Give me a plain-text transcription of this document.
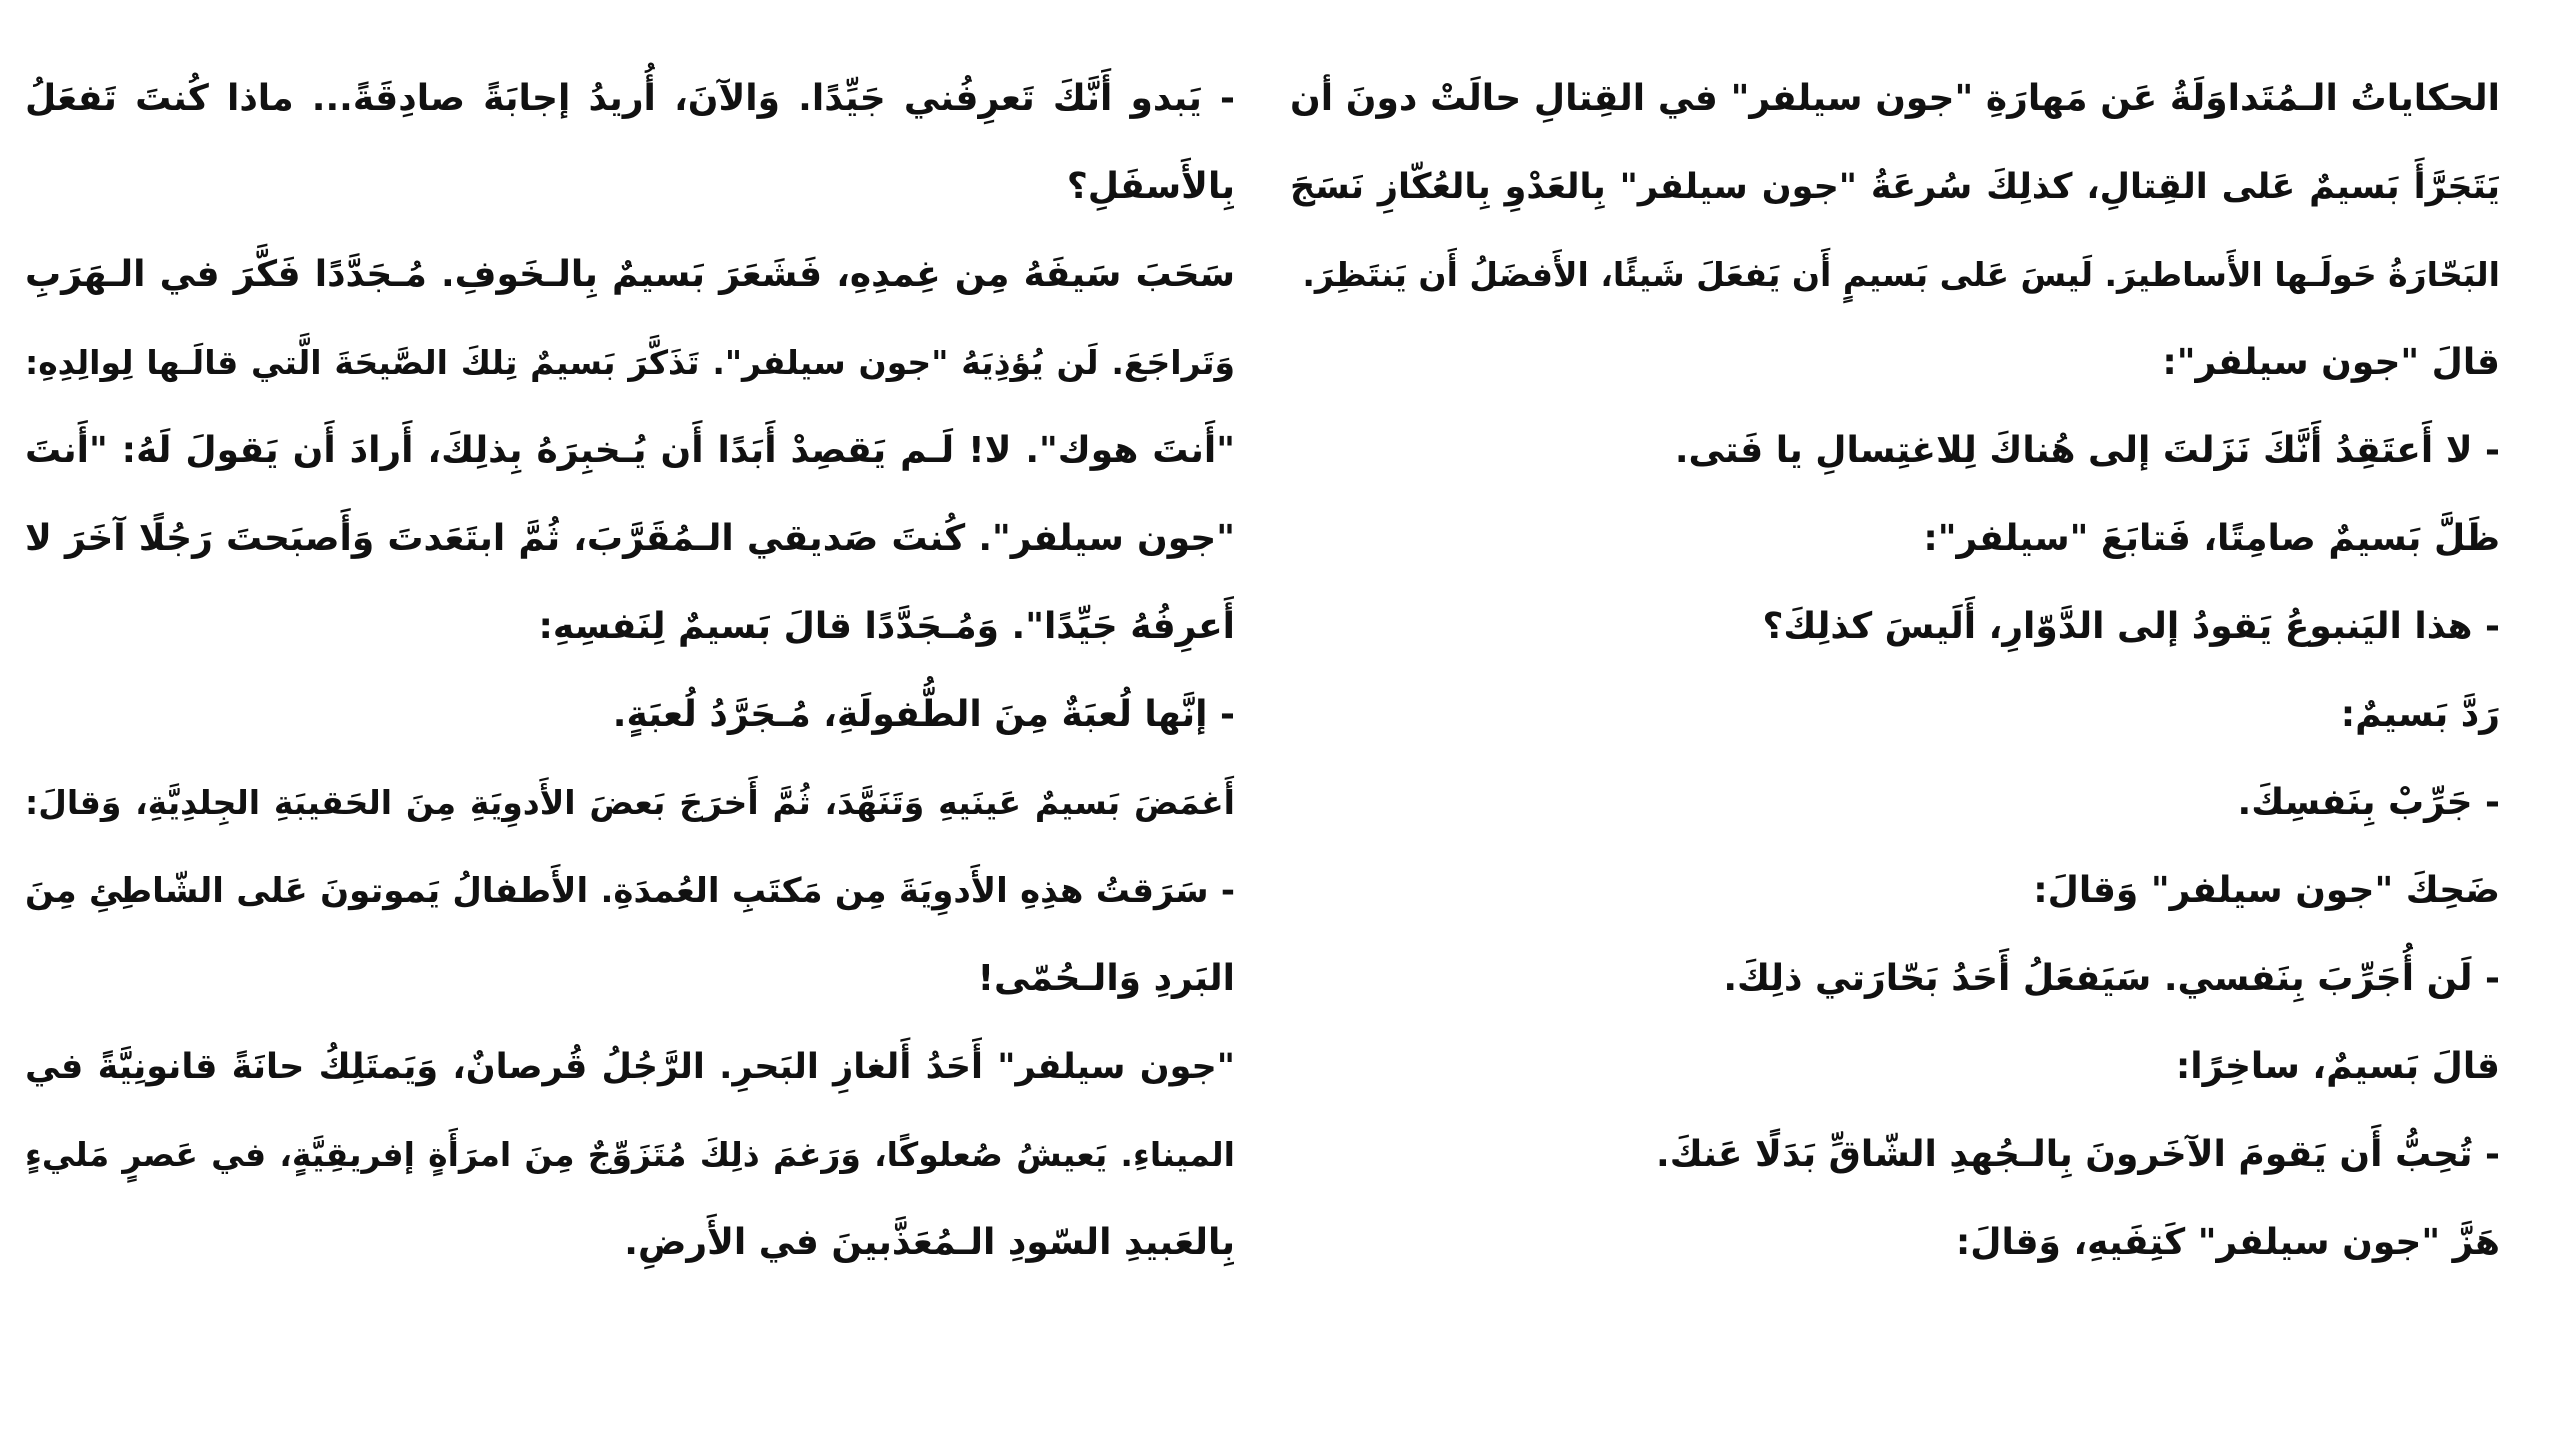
الحكاياتُ الـمُتَداوَلَةُ عَن مَهارَةِ "جون سيلفر" في القِتالِ حالَتْ دونَ أن
يَتَجَرَّأَ بَسيمٌ عَلى القِتالِ، كذلِكَ سُرعَةُ "جون سيلفر" بِالعَدْوِ بِالعُكّازِ نَسَجَ
البَحّارَةُ حَولَـها الأَساطيرَ. لَيسَ عَلى بَسيمٍ أَن يَفعَلَ شَيئًا، الأَفضَلُ أَن يَنتَظِرَ.
قالَ "جون سيلفر":
- لا أَعتَقِدُ أَنَّكَ نَزَلتَ إلى هُناكَ لِلاغتِسالِ يا فَتى.
ظَلَّ بَسيمٌ صامِتًا، فَتابَعَ "سيلفر":
- هذا اليَنبوعُ يَقودُ إلى الدَّوّارِ، أَلَيسَ كذلِكَ؟
رَدَّ بَسيمٌ:
- جَرِّبْ بِنَفسِكَ.
ضَحِكَ "جون سيلفر" وَقالَ:
- لَن أُجَرِّبَ بِنَفسي. سَيَفعَلُ أَحَدُ بَحّارَتي ذلِكَ.
قالَ بَسيمٌ، ساخِرًا:
- تُحِبُّ أَن يَقومَ الآخَرونَ بِالـجُهدِ الشّاقِّ بَدَلًا عَنكَ.
هَزَّ "جون سيلفر" كَتِفَيهِ، وَقالَ:
- يَبدو أَنَّكَ تَعرِفُني جَيِّدًا. وَالآنَ، أُريدُ إجابَةً صادِقَةً... ماذا كُنتَ تَفعَلُ
بِالأَسفَلِ؟
سَحَبَ سَيفَهُ مِن غِمدِهِ، فَشَعَرَ بَسيمٌ بِالـخَوفِ. مُـجَدَّدًا فَكَّرَ في الـهَرَبِ
وَتَراجَعَ. لَن يُؤذِيَهُ "جون سيلفر". تَذَكَّرَ بَسيمٌ تِلكَ الصَّيحَةَ الَّتي قالَـها لِوالِدِهِ:
"أَنتَ هوك". لا! لَـم يَقصِدْ أَبَدًا أَن يُـخبِرَهُ بِذلِكَ، أَرادَ أَن يَقولَ لَهُ: "أَنتَ
"جون سيلفر". كُنتَ صَديقي الـمُقَرَّبَ، ثُمَّ ابتَعَدتَ وَأَصبَحتَ رَجُلًا آخَرَ لا
أَعرِفُهُ جَيِّدًا". وَمُـجَدَّدًا قالَ بَسيمٌ لِنَفسِهِ:
- إنَّها لُعبَةٌ مِنَ الطُّفولَةِ، مُـجَرَّدُ لُعبَةٍ.
أَغمَضَ بَسيمٌ عَينَيهِ وَتَنَهَّدَ، ثُمَّ أَخرَجَ بَعضَ الأَدوِيَةِ مِنَ الحَقيبَةِ الجِلدِيَّةِ، وَقالَ:
- سَرَقتُ هذِهِ الأَدوِيَةَ مِن مَكتَبِ العُمدَةِ. الأَطفالُ يَموتونَ عَلى الشّاطِئِ مِنَ
البَردِ وَالـحُمّى!
"جون سيلفر" أَحَدُ أَلغازِ البَحرِ. الرَّجُلُ قُرصانٌ، وَيَمتَلِكُ حانَةً قانونِيَّةً في
الميناءِ. يَعيشُ صُعلوكًا، وَرَغمَ ذلِكَ مُتَزَوِّجٌ مِنَ امرَأَةٍ إفريقِيَّةٍ، في عَصرٍ مَليءٍ
بِالعَبيدِ السّودِ الـمُعَذَّبينَ في الأَرضِ.
